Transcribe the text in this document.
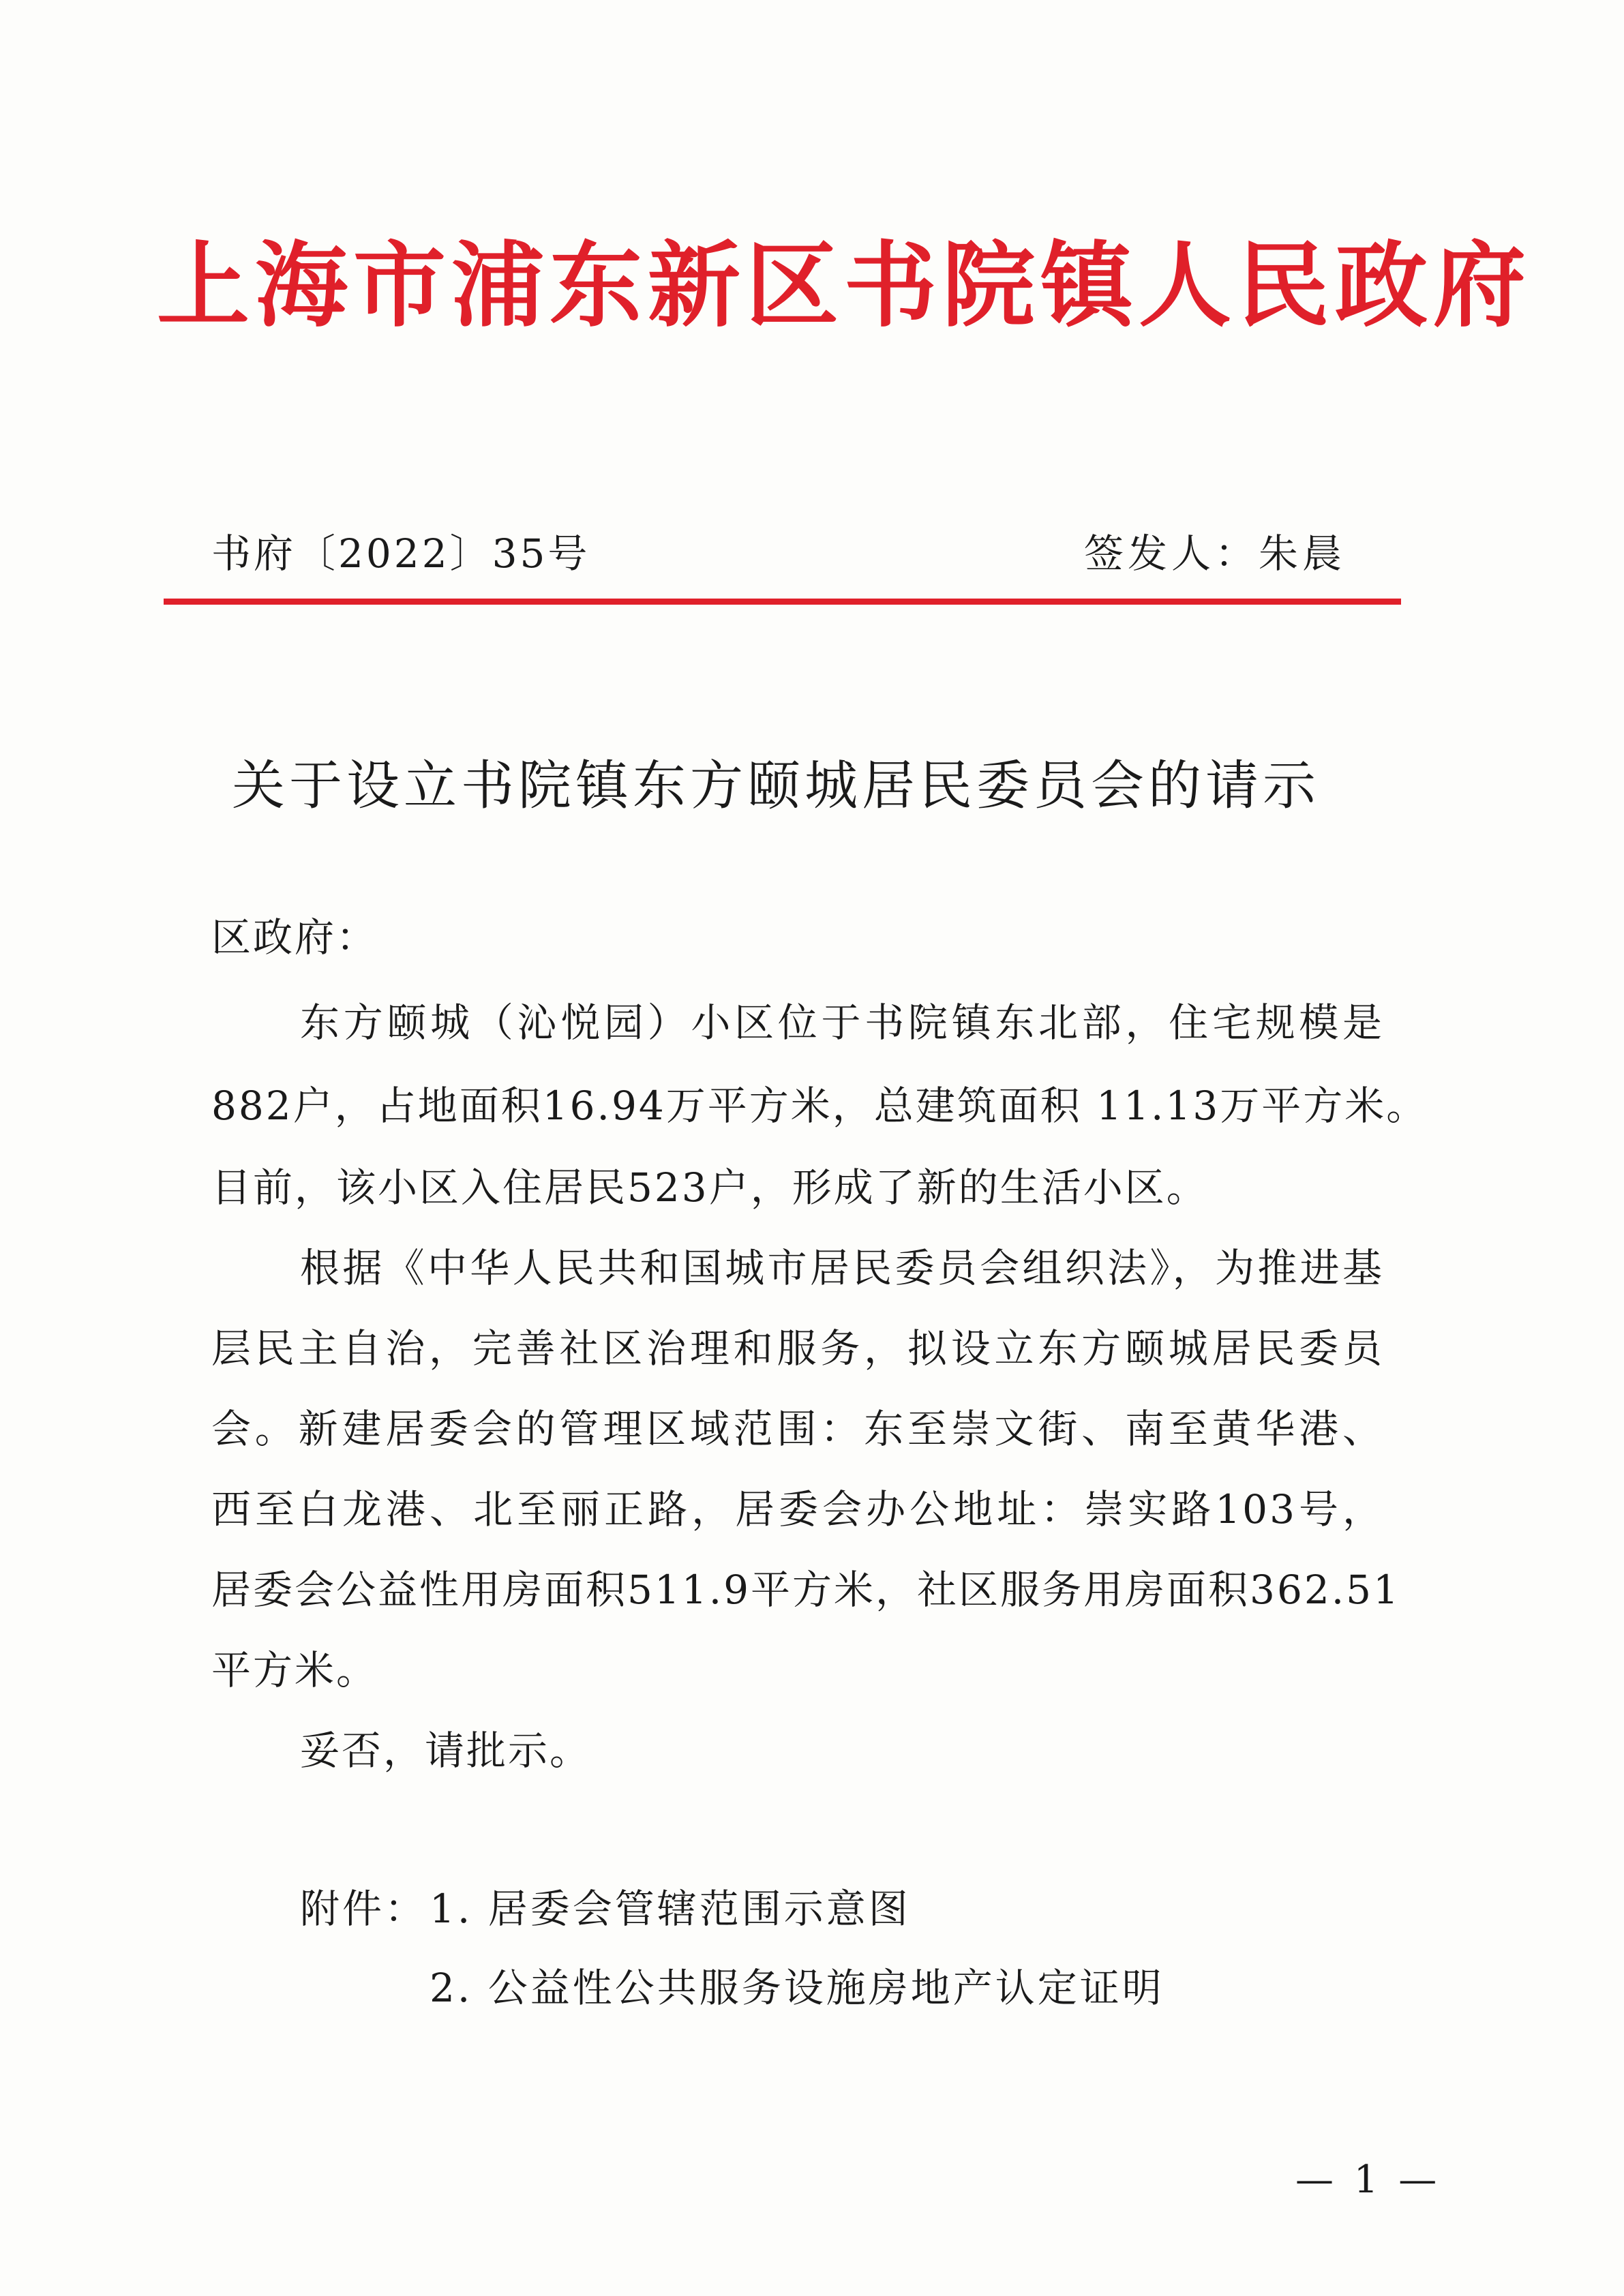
上海市浦东新区书院镇人民政府
书府〔2022〕35号	签发人：朱晨
关于设立书院镇东方颐城居民委员会的请示
区政府：
东方颐城（沁悦园）小区位于书院镇东北部，住宅规模是
882户，占地面积16.94万平方米，总建筑面积 11.13万平方米。
目前，该小区入住居民523户，形成了新的生活小区。
根据《中华人民共和国城市居民委员会组织法》，为推进基
层民主自治，完善社区治理和服务，拟设立东方颐城居民委员
会。新建居委会的管理区域范围：东至崇文街、南至黄华港、
西至白龙港、北至丽正路，居委会办公地址：崇实路103号，
居委会公益性用房面积511.9平方米，社区服务用房面积362.51
平方米。
妥否，请批示。
附件： 1. 居委会管辖范围示意图
2. 公益性公共服务设施房地产认定证明
— 1 —
